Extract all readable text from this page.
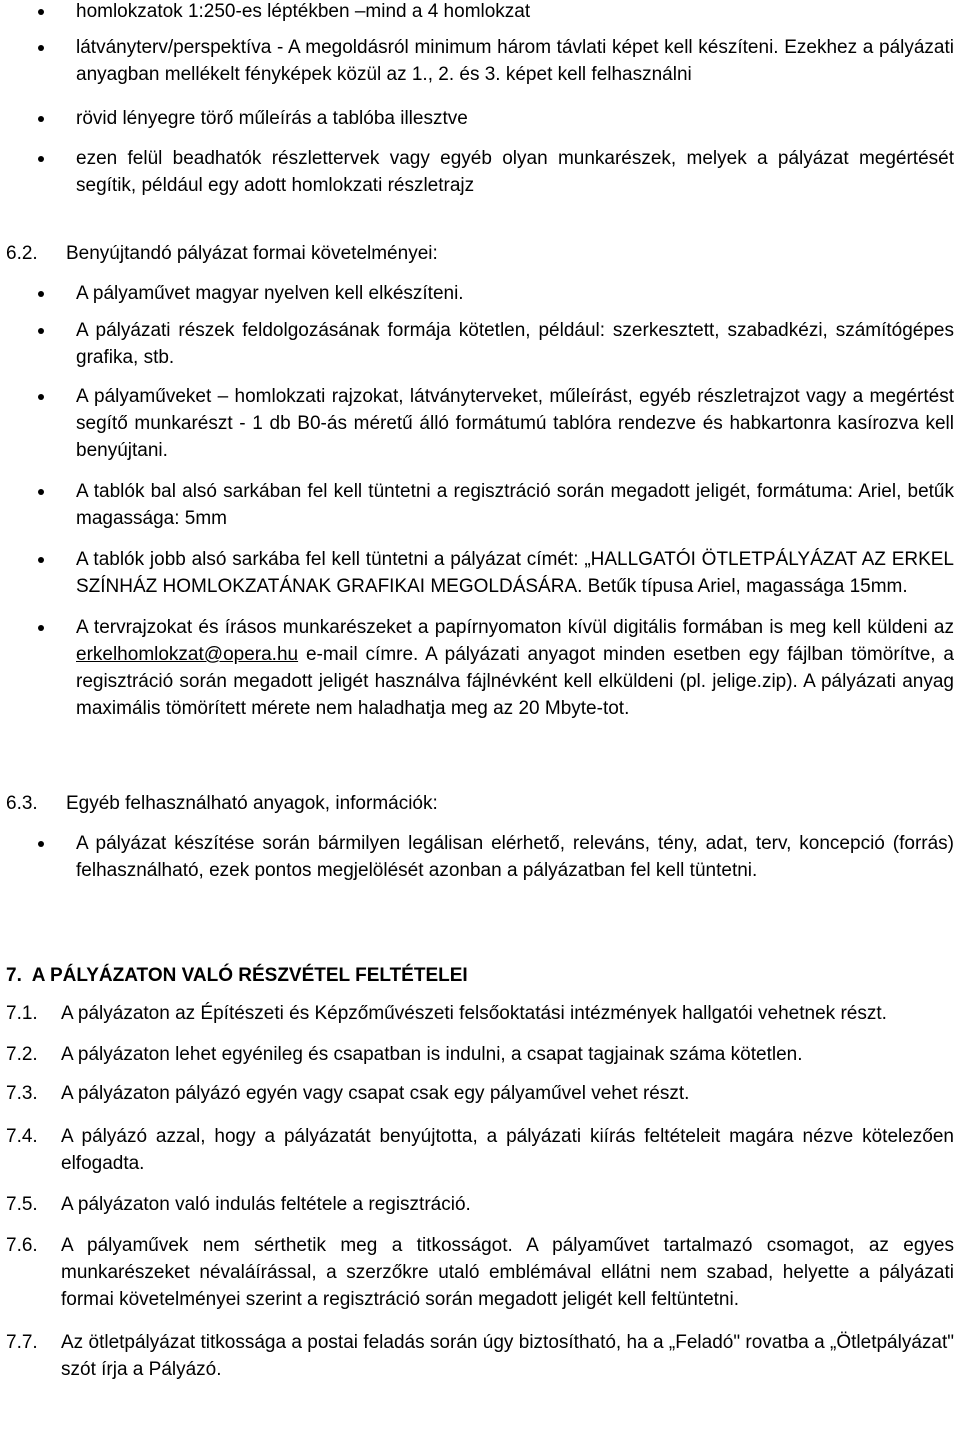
homlokzatok 1:250-es léptékben –mind a 4 homlokzat
látványterv/perspektíva - A megoldásról minimum három távlati képet kell készíteni. Ezekhez a pályázati anyagban mellékelt fényképek közül az 1., 2. és 3. képet kell felhasználni
rövid lényegre törő műleírás a tablóba illesztve
ezen felül beadhatók részlettervek vagy egyéb olyan munkarészek, melyek a pályázat megértését segítik, például egy adott homlokzati részletrajz
6.2. Benyújtandó pályázat formai követelményei:
A pályaművet magyar nyelven kell elkészíteni.
A pályázati részek feldolgozásának formája kötetlen, például: szerkesztett, szabadkézi, számítógépes grafika, stb.
A pályaműveket – homlokzati rajzokat, látványterveket, műleírást, egyéb részletrajzot vagy a megértést segítő munkarészt - 1 db B0-ás méretű álló formátumú tablóra rendezve és habkartonra kasírozva kell benyújtani.
A tablók bal alsó sarkában fel kell tüntetni a regisztráció során megadott jeligét, formátuma: Ariel, betűk magassága: 5mm
A tablók jobb alsó sarkába fel kell tüntetni a pályázat címét: „HALLGATÓI ÖTLETPÁLYÁZAT AZ ERKEL SZÍNHÁZ HOMLOKZATÁNAK GRAFIKAI MEGOLDÁSÁRA. Betűk típusa Ariel, magassága 15mm.
A tervrajzokat és írásos munkarészeket a papírnyomaton kívül digitális formában is meg kell küldeni az erkelhomlokzat@opera.hu e-mail címre. A pályázati anyagot minden esetben egy fájlban tömörítve, a regisztráció során megadott jeligét használva fájlnévként kell elküldeni (pl. jelige.zip). A pályázati anyag maximális tömörített mérete nem haladhatja meg az 20 Mbyte-tot.
6.3. Egyéb felhasználható anyagok, információk:
A pályázat készítése során bármilyen legálisan elérhető, releváns, tény, adat, terv, koncepció (forrás) felhasználható, ezek pontos megjelölését azonban a pályázatban fel kell tüntetni.
7.  A PÁLYÁZATON VALÓ RÉSZVÉTEL FELTÉTELEI
7.1. A pályázaton az Építészeti és Képzőművészeti felsőoktatási intézmények hallgatói vehetnek részt.
7.2. A pályázaton lehet egyénileg és csapatban is indulni, a csapat tagjainak száma kötetlen.
7.3. A pályázaton pályázó egyén vagy csapat csak egy pályaművel vehet részt.
7.4. A pályázó azzal, hogy a pályázatát benyújtotta, a pályázati kiírás feltételeit magára nézve kötelezően elfogadta.
7.5. A pályázaton való indulás feltétele a regisztráció.
7.6. A pályaművek nem sérthetik meg a titkosságot. A pályaművet tartalmazó csomagot, az egyes munkarészeket névaláírással, a szerzőkre utaló emblémával ellátni nem szabad, helyette a pályázati formai követelményei szerint a regisztráció során megadott jeligét kell feltüntetni.
7.7. Az ötletpályázat titkossága a postai feladás során úgy biztosítható, ha a „Feladó" rovatba a „Ötletpályázat" szót írja a Pályázó.
